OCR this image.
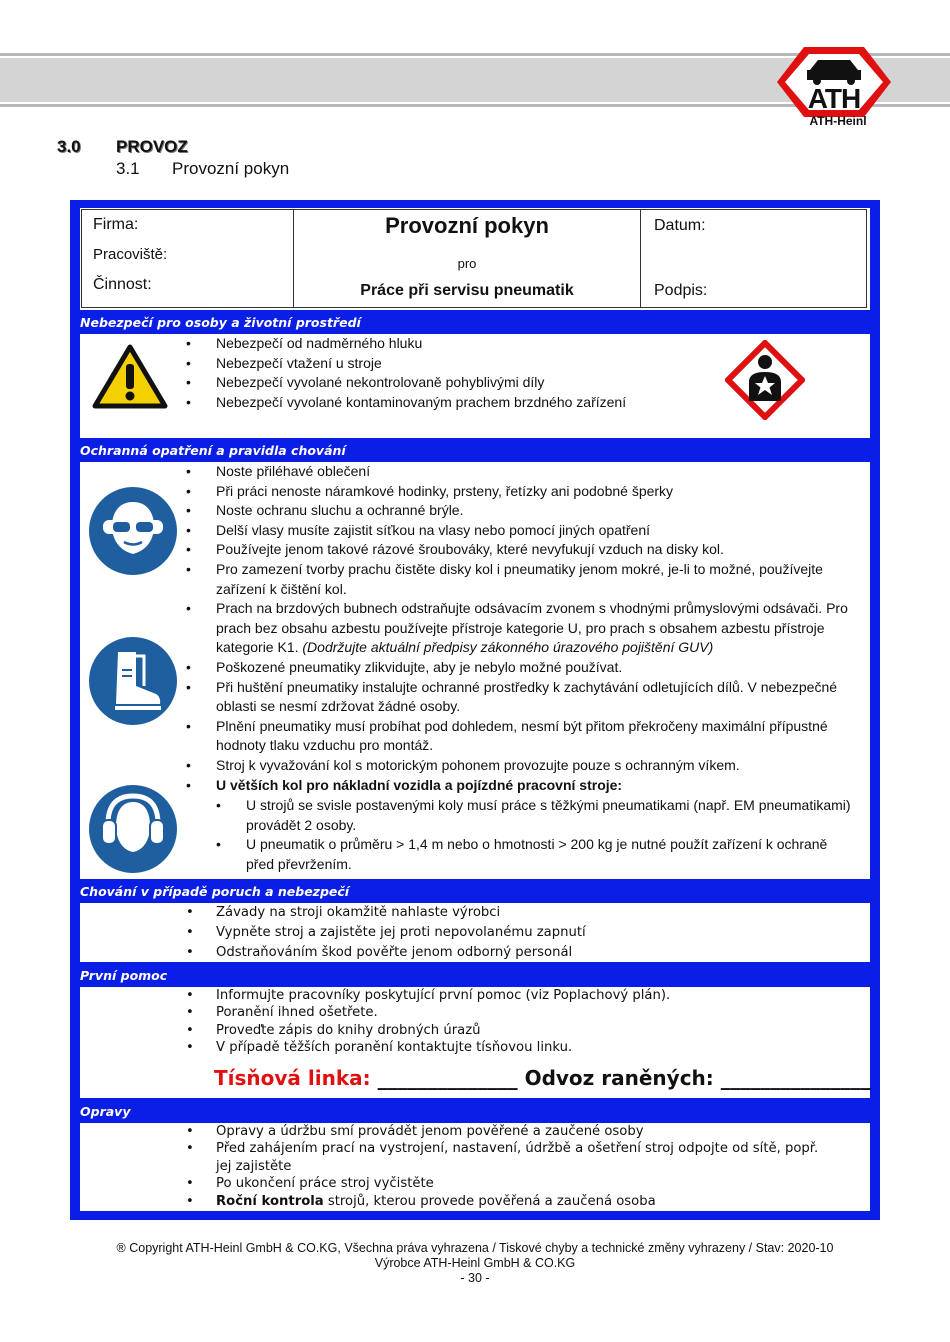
ATH
ATH-Heinl
3.0 PROVOZ
3.1 Provozní pokyn
Firma:
Pracoviště:
Činnost:
Provozní pokyn
pro
Práce při servisu pneumatik
Datum:
Podpis:
Nebezpečí pro osoby a životní prostředí
• Nebezpečí od nadměrného hluku
• Nebezpečí vtažení u stroje
• Nebezpečí vyvolané nekontrolovaně pohyblivými díly
• Nebezpečí vyvolané kontaminovaným prachem brzdného zařízení
Ochranná opatření a pravidla chování
• Noste přiléhavé oblečení
• Při práci nenoste náramkové hodinky, prsteny, řetízky ani podobné šperky
• Noste ochranu sluchu a ochranné brýle.
• Delší vlasy musíte zajistit síťkou na vlasy nebo pomocí jiných opatření
• Používejte jenom takové rázové šroubováky, které nevyfukují vzduch na disky kol.
• Pro zamezení tvorby prachu čistěte disky kol i pneumatiky jenom mokré, je-li to možné, používejte zařízení k čištění kol.
• Prach na brzdových bubnech odstraňujte odsávacím zvonem s vhodnými průmyslovými odsávači. Pro prach bez obsahu azbestu používejte přístroje kategorie U, pro prach s obsahem azbestu přístroje kategorie K1. (Dodržujte aktuální předpisy zákonného úrazového pojištění GUV)
• Poškozené pneumatiky zlikvidujte, aby je nebylo možné používat.
• Při huštění pneumatiky instalujte ochranné prostředky k zachytávání odletujících dílů. V nebezpečné oblasti se nesmí zdržovat žádné osoby.
• Plnění pneumatiky musí probíhat pod dohledem, nesmí být přitom překročeny maximální přípustné hodnoty tlaku vzduchu pro montáž.
• Stroj k vyvažování kol s motorickým pohonem provozujte pouze s ochranným víkem.
• U větších kol pro nákladní vozidla a pojízdné pracovní stroje:
• U strojů se svisle postavenými koly musí práce s těžkými pneumatikami (např. EM pneumatikami) provádět 2 osoby.
• U pneumatik o průměru > 1,4 m nebo o hmotnosti > 200 kg je nutné použít zařízení k ochraně před převržením.
Chování v případě poruch a nebezpečí
• Závady na stroji okamžitě nahlaste výrobci
• Vypněte stroj a zajistěte jej proti nepovolanému zapnutí
• Odstraňováním škod pověřte jenom odborný personál
První pomoc
• Informujte pracovníky poskytující první pomoc (viz Poplachový plán).
• Poranění ihned ošetřete.
• Proveďte zápis do knihy drobných úrazů
• V případě těžších poranění kontaktujte tísňovou linku.
Tísňová linka: ______________ Odvoz raněných: _______________
Opravy
• Opravy a údržbu smí provádět jenom pověřené a zaučené osoby
• Před zahájením prací na vystrojení, nastavení, údržbě a ošetření stroj odpojte od sítě, popř. jej zajistěte
• Po ukončení práce stroj vyčistěte
• Roční kontrola strojů, kterou provede pověřená a zaučená osoba
® Copyright ATH-Heinl GmbH & CO.KG, Všechna práva vyhrazena / Tiskové chyby a technické změny vyhrazeny / Stav: 2020-10
Výrobce ATH-Heinl GmbH & CO.KG
- 30 -
